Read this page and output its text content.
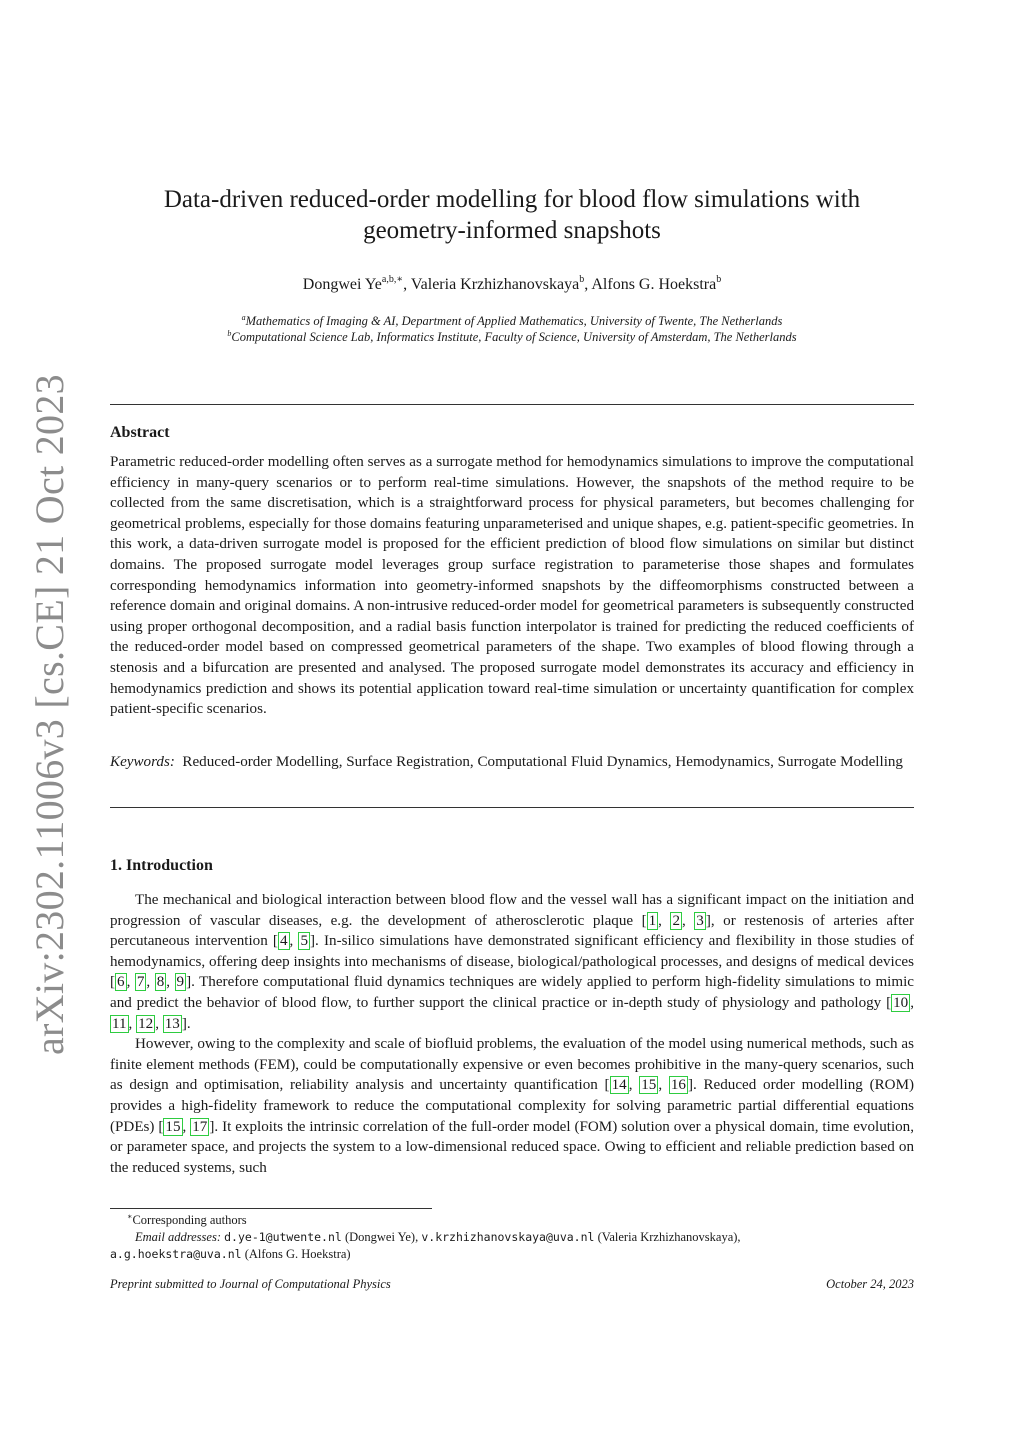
arXiv:2302.11006v3 [cs.CE] 21 Oct 2023
Data-driven reduced-order modelling for blood flow simulations with
geometry-informed snapshots
Dongwei $Ye^{a,b,∗}$, Valeria Krzhizhanovskaya$^b$, Alfons G. Hoekstra$^b$
$^a$Mathematics of Imaging & AI, Department of Applied Mathematics, University of Twente, The Netherlands
$^b$Computational Science Lab, Informatics Institute, Faculty of Science, University of Amsterdam, The Netherlands
Abstract
Parametric reduced-order modelling often serves as a surrogate method for hemodynamics simulations to improve the computational efficiency in many-query scenarios or to perform real-time simulations. However, the snapshots of the method require to be collected from the same discretisation, which is a straightforward process for physical parameters, but becomes challenging for geometrical problems, especially for those domains featuring unparameterised and unique shapes, e.g. patient-specific geometries. In this work, a data-driven surrogate model is proposed for the efficient prediction of blood flow simulations on similar but distinct domains. The proposed surrogate model leverages group surface registration to parameterise those shapes and formulates corresponding hemodynamics information into geometry-informed snapshots by the diffeomorphisms constructed between a reference domain and original domains. A non-intrusive reduced-order model for geometrical parameters is subsequently constructed using proper orthogonal decomposition, and a radial basis function interpolator is trained for predicting the reduced coefficients of the reduced-order model based on compressed geometrical parameters of the shape. Two examples of blood flowing through a stenosis and a bifurcation are presented and analysed. The proposed surrogate model demonstrates its accuracy and efficiency in hemodynamics prediction and shows its potential application toward real-time simulation or uncertainty quantification for complex patient-specific scenarios.
Keywords: Reduced-order Modelling, Surface Registration, Computational Fluid Dynamics, Hemodynamics, Surrogate Modelling
1. Introduction

The mechanical and biological interaction between blood flow and the vessel wall has a significant impact on the initiation and progression of vascular diseases, e.g. the development of atherosclerotic plaque [ 1 , 2 , 3 ], or restenosis of arteries after percutaneous intervention [ 4 , 5 ]. In-silico simulations have demonstrated significant efficiency and flexibility in those studies of hemodynamics, offering deep insights into mechanisms of disease, biological/pathological processes, and designs of medical devices [ 6 , 7 , 8 , 9 ]. Therefore computational fluid dynamics techniques are widely applied to perform high-fidelity simulations to mimic and predict the behavior of blood flow, to further support the clinical practice or in-depth study of physiology and pathology [ 10 , 11 , 12 , 13 ].

However, owing to the complexity and scale of biofluid problems, the evaluation of the model using numerical methods, such as finite element methods (FEM), could be computationally expensive or even becomes prohibitive in the many-query scenarios, such as design and optimisation, reliability analysis and uncertainty quantification [ 14 , 15 , 16 ]. Reduced order modelling (ROM) provides a high-fidelity framework to reduce the computational complexity for solving parametric partial differential equations (PDEs) [ 15 , 17 ]. It exploits the intrinsic correlation of the full-order model (FOM) solution over a physical domain, time evolution, or parameter space, and projects the system to a low-dimensional reduced space. Owing to efficient and reliable prediction based on the reduced systems, such

∗Corresponding authors
Email addresses: d.ye-1@utwente.nl (Dongwei Ye), v.krzhizhanovskaya@uva.nl (Valeria Krzhizhanovskaya),
a.g.hoekstra@uva.nl (Alfons G. Hoekstra)
Preprint submitted to Journal of Computational Physics	October 24, 2023
